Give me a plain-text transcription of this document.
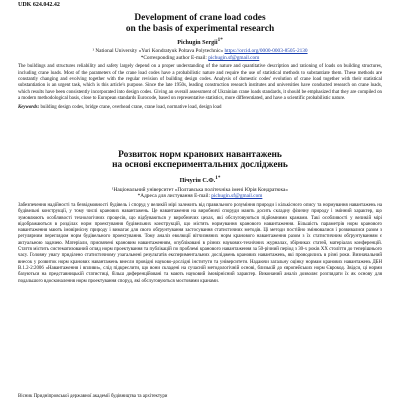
UDK 624.042.42

Development of crane load codes

on the basis of experimental research

Pichugin Sergii$^{1*}$

¹ National University «Yuri Kondratyuk Poltava Polytechnic» https://orcid.org/0000-0003-8505-2130

*Corresponding author E-mail: pichugin.sf@gmail.com

The buildings and structures reliability and safety largely depend on a proper understanding of the nature and quantitative description and rationing of loads on building structures, including crane loads. Most of the parameters of the crane load codes have a probabilistic nature and require the use of statistical methods to substantiate them. These methods are constantly changing and evolving together with the regular revision of building design codes. Analysis of domestic codes' evolution of crane load together with their statistical substantiation is an urgent task, which is this article's purpose. Since the late 1950s, leading construction research institutes and universities have conducted research on crane loads, which results have been consistently incorporated into design codes. Giving an overall assessment of Ukrainian crane loads standards, it should be emphasized that they are compiled on a modern methodological basis, close to European standards Eurocode, based on representative statistics, more differentiated, and have a scientific probabilistic nature.

Keywords: building design codes, bridge crane, overhead crane, crane load, normative load, design load

Розвиток норм кранових навантажень

на основі експериментальних досліджень

Пічугін С.Ф.$^{1*}$

¹Національний університет «Полтавська політехніка імені Юрія Кондратюка»

*Адреса для листування E-mail: pichugin.sf@gmail.com

Забезпечення надійності та безвідмовності будівель і споруд у великій мірі залежить від правильного розуміння природи і кількісного опису та нормування навантажень на будівельні конструкції, у тому числі кранових навантажень. Це навантаження на виробничі споруди мають досить складну фізичну природу і змінний характер, що зумовлюють особливості технологічних процесів, що відбуваються у виробничих цехах, які обслуговуються підйомними кранами. Такі особливості у великій мірі відображаються в розділах норм проектування будівельних конструкцій, що містять нормування кранового навантаження. Більшість параметрів норм кранового навантаження мають імовірнісну природу і вимагає для свого обґрунтування застосування статистичних методів. Ці методи постійно змінювалися і розвивалися разом з регулярним переглядом норм будівельного проектування. Тому аналіз еволюції вітчизняних норм кранового навантаження разом з їх статистичним обґрунтуванням є актуальною задачею. Матеріали, присвячені крановим навантаженням, опубліковані в різних наукових-технічних журналах, збірниках статей, матеріалах конференцій. Стаття містить систематизований огляд норм проектування та публікацій по проблемі кранового навантаження за 50-річний період з 30-х років XX століття до теперішнього часу. Головну увагу приділено статистичному узагальнені результатів експериментальних досліджень кранових навантажень, які проводились в різні роки. Визначальний внесок у розвиток норм кранових навантажень внесли провідні науково-дослідні інститути та університети. Надаючи загальну оцінку нормам кранових навантажень ДБН В.1.2-2:2006 «Навантаження і впливи», слід підкреслити, що вони складені на сучасній методологічній основі, близькій до європейських норм Єврокод. Звідси, ці норми базуються на представницькій статистиці, більш диференційовані та мають науковий імовірнісний характер. Виконаний аналіз дозволяє розглядати їх як основу для подальшого вдосконалення норм проектування споруд, які обслуговуються мостовими кранами.

Вісник Придніпровської державної академії будівництва та архітектури
